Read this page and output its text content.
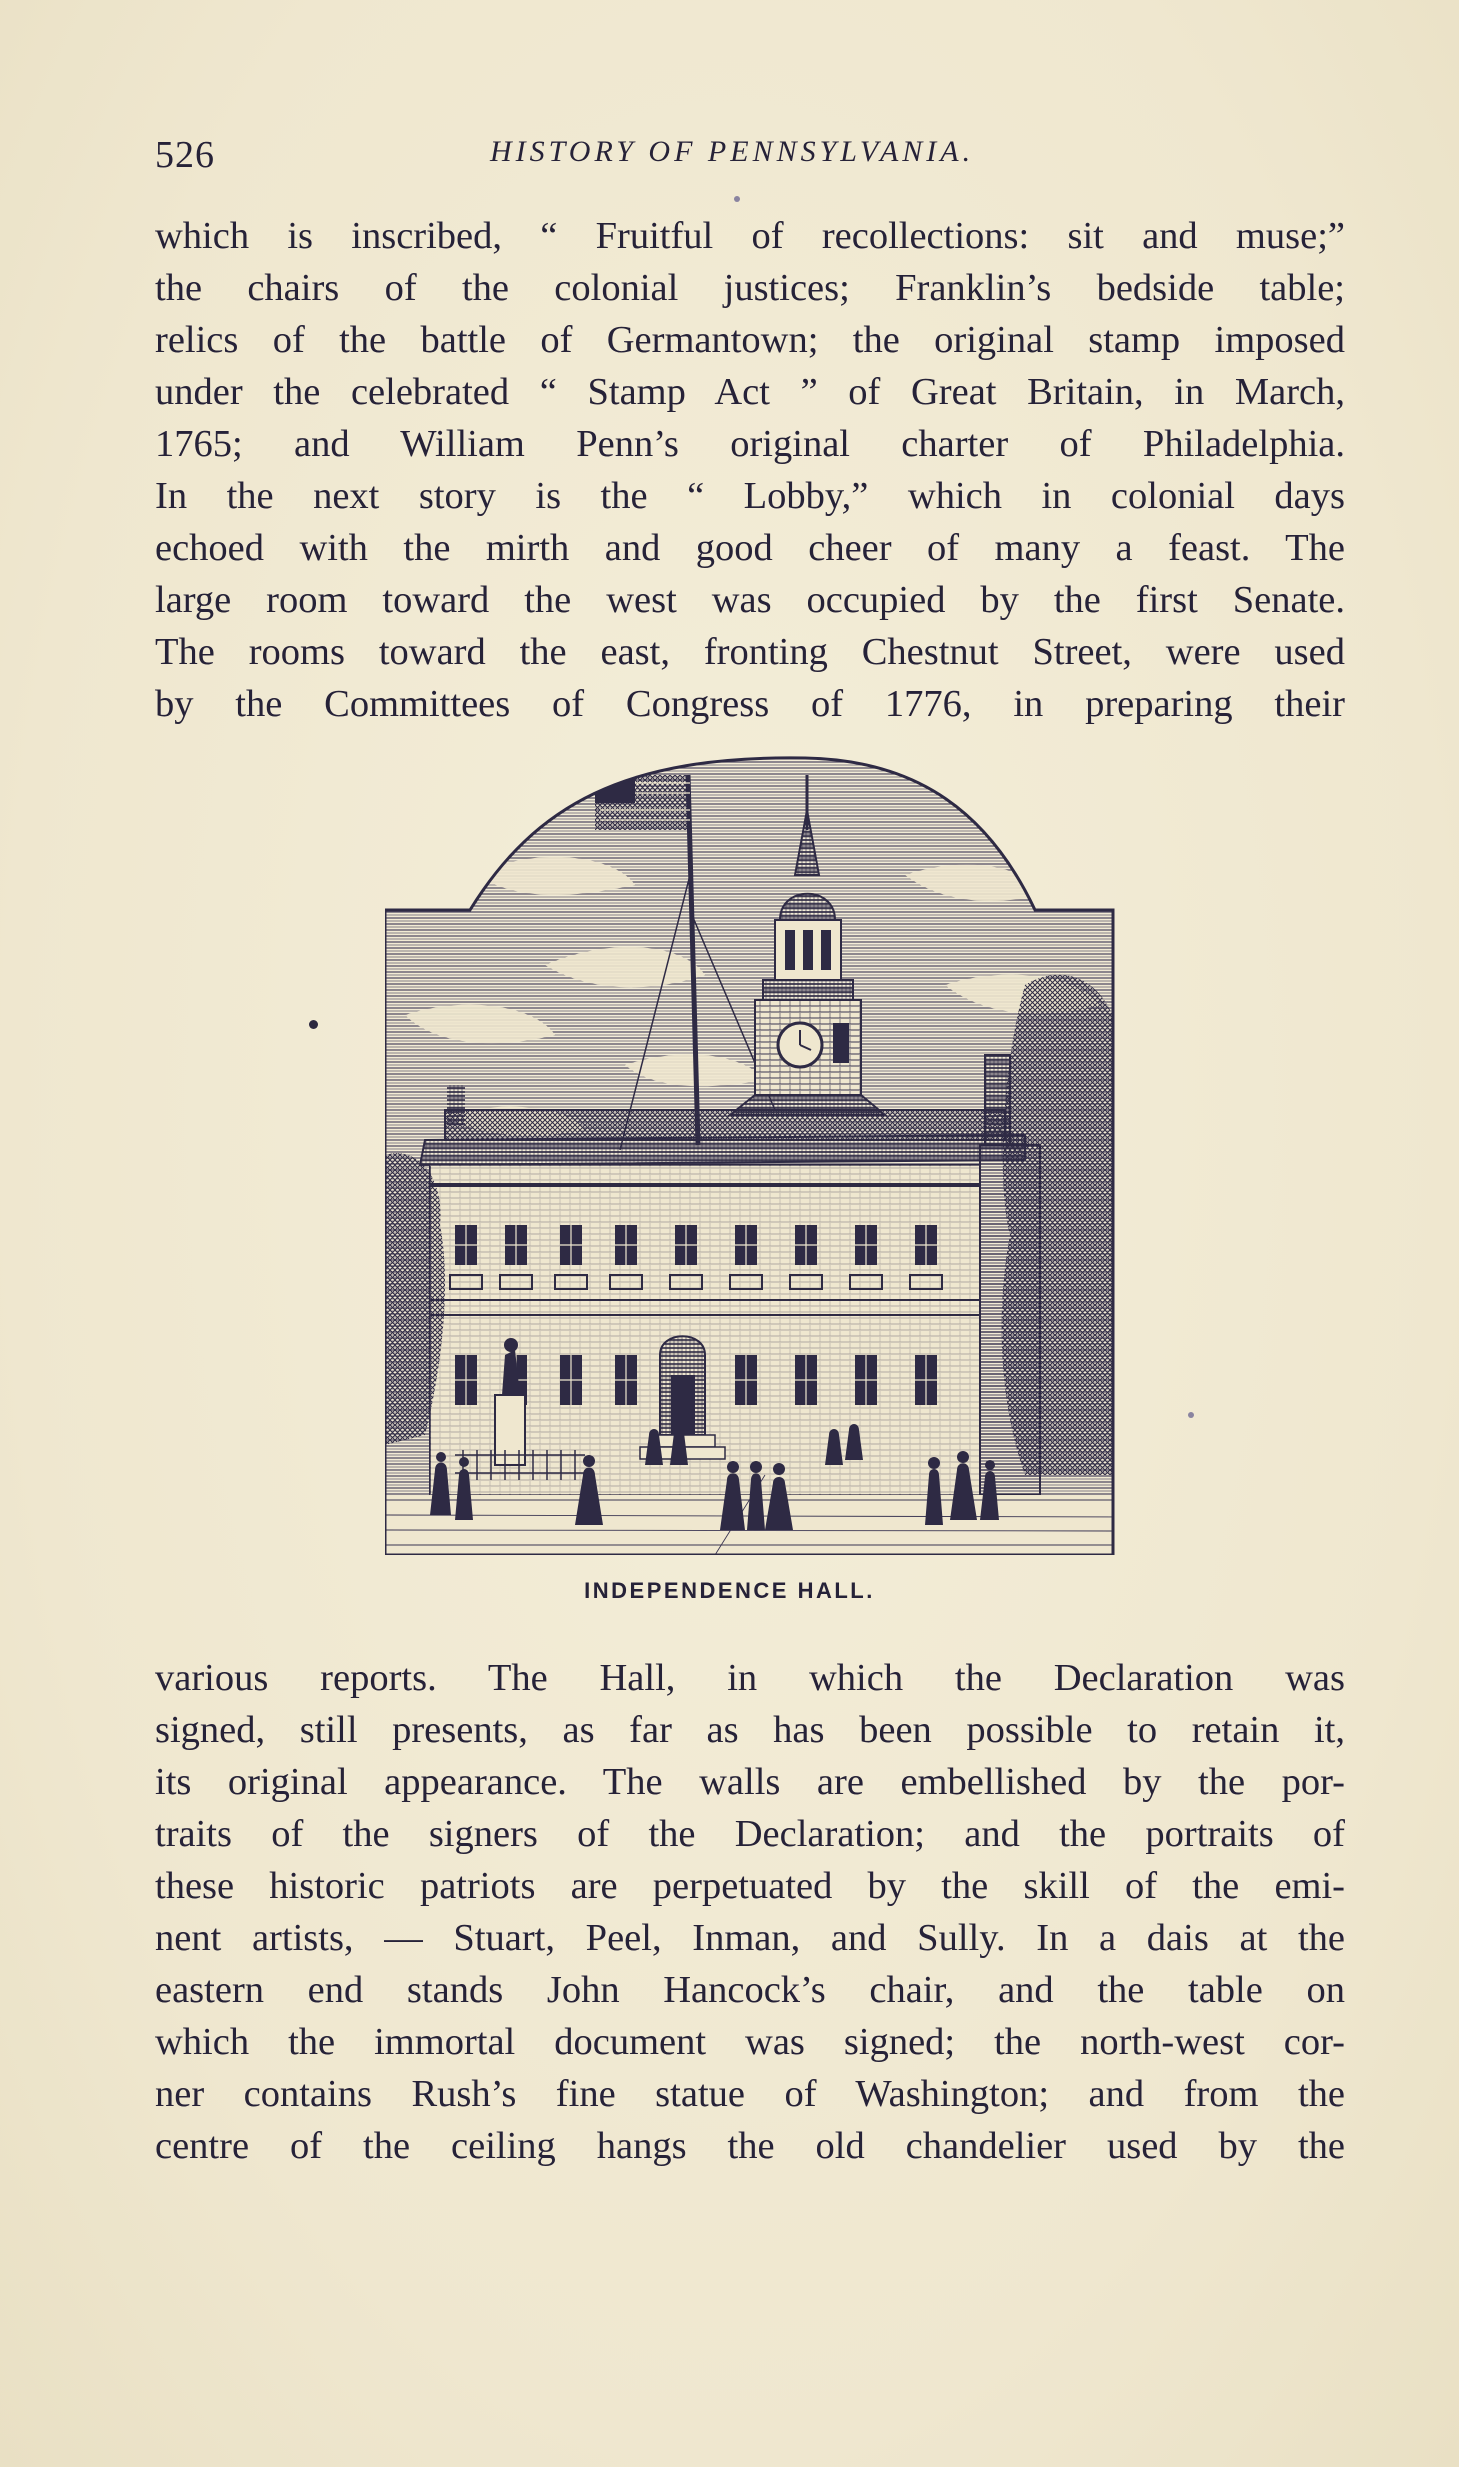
526	HISTORY OF PENNSYLVANIA.
which is inscribed, “ Fruitful of recollections: sit and muse;”
the chairs of the colonial justices; Franklin’s bedside table;
relics of the battle of Germantown; the original stamp imposed
under the celebrated “ Stamp Act ” of Great Britain, in March,
1765; and William Penn’s original charter of Philadelphia.
In the next story is the “ Lobby,” which in colonial days
echoed with the mirth and good cheer of many a feast. The
large room toward the west was occupied by the first Senate.
The rooms toward the east, fronting Chestnut Street, were used
by the Committees of Congress of 1776, in preparing their
INDEPENDENCE HALL.
various reports. The Hall, in which the Declaration was
signed, still presents, as far as has been possible to retain it,
its original appearance. The walls are embellished by the por-
traits of the signers of the Declaration; and the portraits of
these historic patriots are perpetuated by the skill of the emi-
nent artists, — Stuart, Peel, Inman, and Sully. In a dais at the
eastern end stands John Hancock’s chair, and the table on
which the immortal document was signed; the north-west cor-
ner contains Rush’s fine statue of Washington; and from the
centre of the ceiling hangs the old chandelier used by the
